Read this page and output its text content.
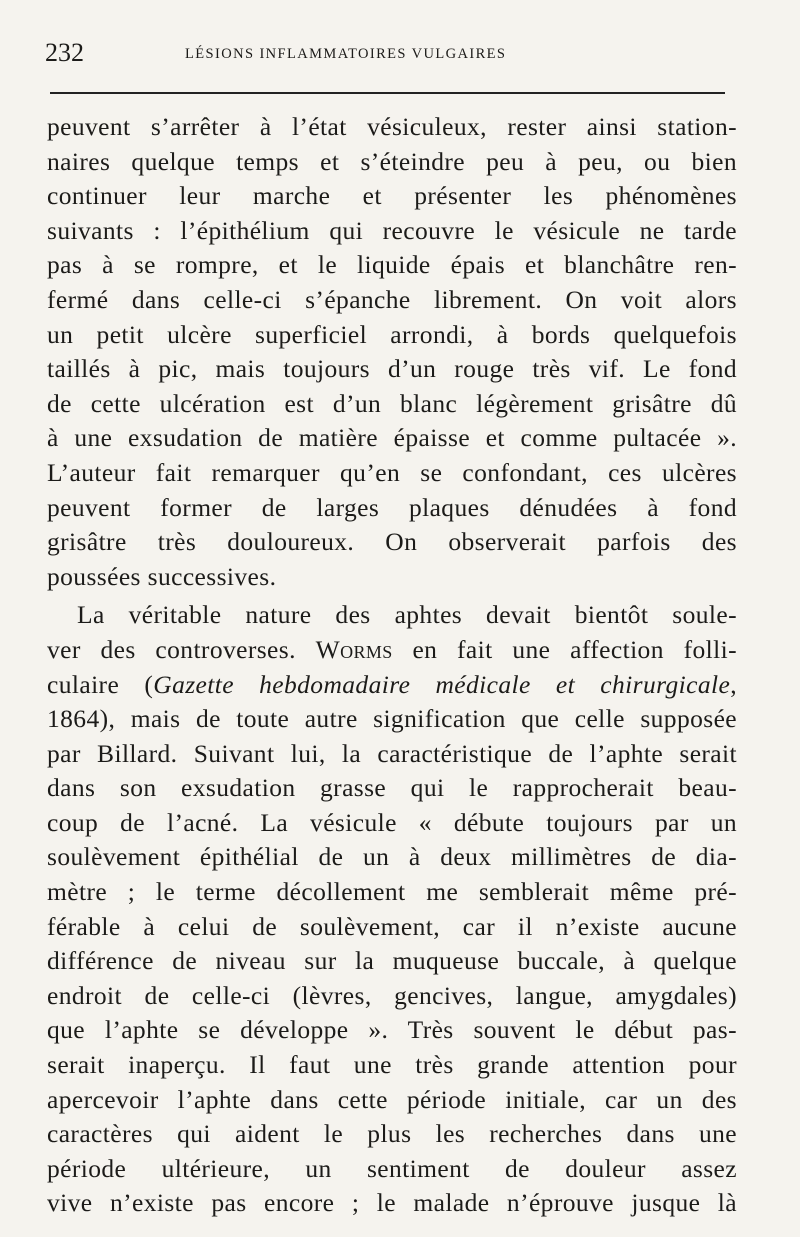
232	LÉSIONS INFLAMMATOIRES VULGAIRES
peuvent s’arrêter à l’état vésiculeux, rester ainsi station-
naires quelque temps et s’éteindre peu à peu, ou bien
continuer leur marche et présenter les phénomènes
suivants : l’épithélium qui recouvre le vésicule ne tarde
pas à se rompre, et le liquide épais et blanchâtre ren-
fermé dans celle-ci s’épanche librement. On voit alors
un petit ulcère superficiel arrondi, à bords quelquefois
taillés à pic, mais toujours d’un rouge très vif. Le fond
de cette ulcération est d’un blanc légèrement grisâtre dû
à une exsudation de matière épaisse et comme pultacée ».
L’auteur fait remarquer qu’en se confondant, ces ulcères
peuvent former de larges plaques dénudées à fond
grisâtre très douloureux. On observerait parfois des
poussées successives.
La véritable nature des aphtes devait bientôt soule-
ver des controverses. Worms en fait une affection folli-
culaire (Gazette hebdomadaire médicale et chirurgicale,
1864), mais de toute autre signification que celle supposée
par Billard. Suivant lui, la caractéristique de l’aphte serait
dans son exsudation grasse qui le rapprocherait beau-
coup de l’acné. La vésicule « débute toujours par un
soulèvement épithélial de un à deux millimètres de dia-
mètre ; le terme décollement me semblerait même pré-
férable à celui de soulèvement, car il n’existe aucune
différence de niveau sur la muqueuse buccale, à quelque
endroit de celle-ci (lèvres, gencives, langue, amygdales)
que l’aphte se développe ». Très souvent le début pas-
serait inaperçu. Il faut une très grande attention pour
apercevoir l’aphte dans cette période initiale, car un des
caractères qui aident le plus les recherches dans une
période ultérieure, un sentiment de douleur assez
vive n’existe pas encore ; le malade n’éprouve jusque là
